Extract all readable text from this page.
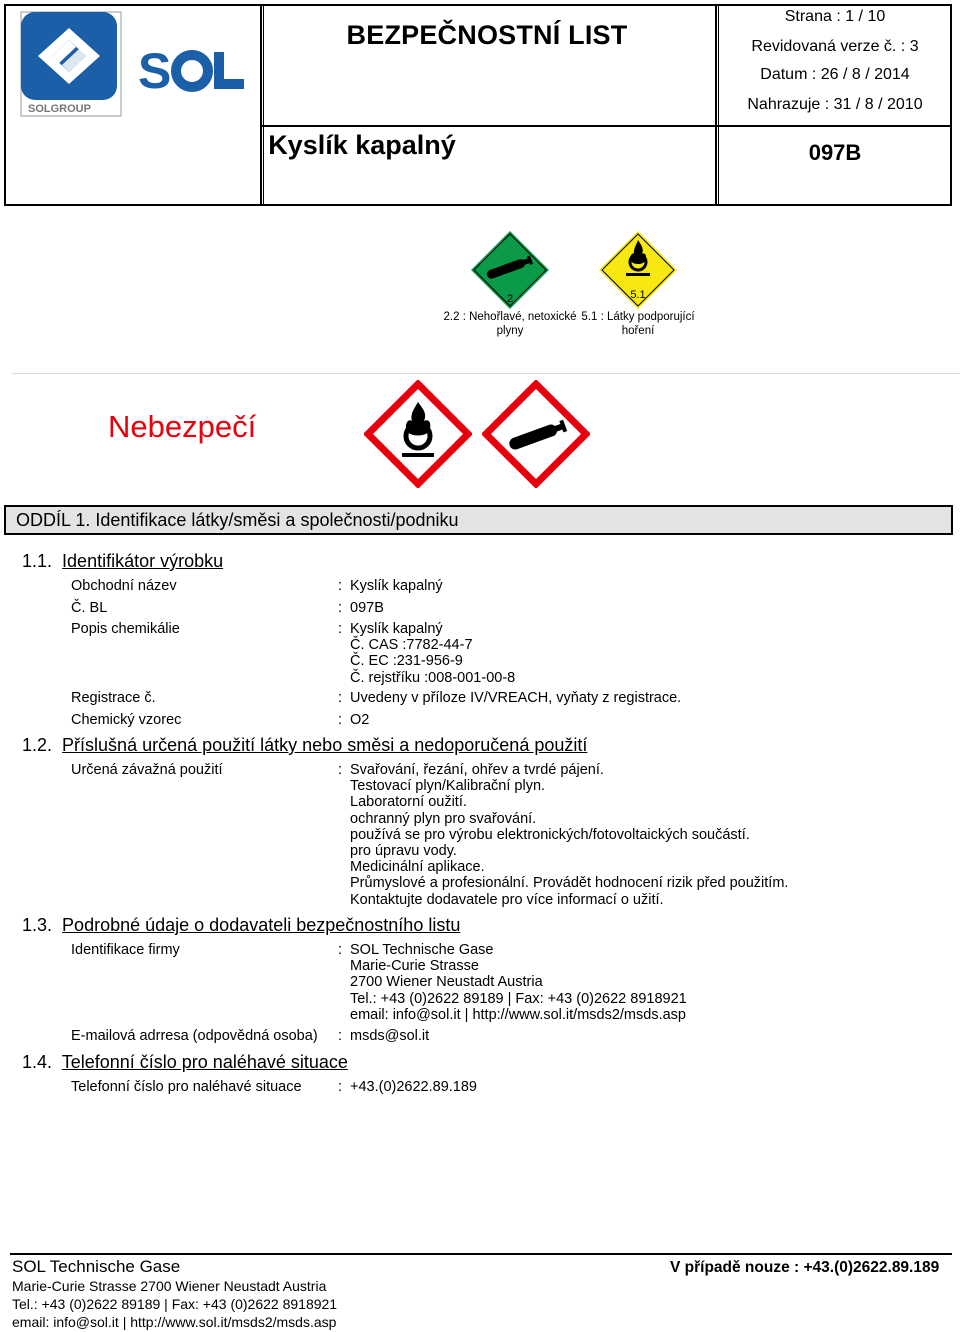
S
SOLGROUP
BEZPEČNOSTNÍ LIST
Kyslík kapalný
Strana : 1 / 10
Revidovaná verze č. : 3
Datum : 26 / 8 / 2014
Nahrazuje : 31 / 8 / 2010
097B
2
2.2 : Nehořlavé, netoxické
plyny
5.1
5.1 : Látky podporující
hoření
Nebezpečí
ODDÍL 1. Identifikace látky/směsi a společnosti/podniku
1.1. Identifikátor výrobku
Obchodní název	: Kyslík kapalný
Č. BL	: 097B
Popis chemikálie	: Kyslík kapalný
Č. CAS :7782-44-7
Č. EC :231-956-9
Č. rejstříku :008-001-00-8
Registrace č.	: Uvedeny v příloze IV/VREACH, vyňaty z registrace.
Chemický vzorec	: O2
1.2. Příslušná určená použití látky nebo směsi a nedoporučená použití
Určená závažná použití	: Svařování, řezání, ohřev a tvrdé pájení.
Testovací plyn/Kalibrační plyn.
Laboratorní oužití.
ochranný plyn pro svařování.
používá se pro výrobu elektronických/fotovoltaických součástí.
pro úpravu vody.
Medicinální aplikace.
Průmyslové a profesionální. Provádět hodnocení rizik před použitím.
Kontaktujte dodavatele pro více informací o užití.
1.3. Podrobné údaje o dodavateli bezpečnostního listu
Identifikace firmy	: SOL Technische Gase
Marie-Curie Strasse
2700 Wiener Neustadt Austria
Tel.: +43 (0)2622 89189 | Fax: +43 (0)2622 8918921
email: info@sol.it | http://www.sol.it/msds2/msds.asp
E-mailová adrresa (odpovědná osoba) : msds@sol.it
1.4. Telefonní číslo pro naléhavé situace
Telefonní číslo pro naléhavé situace	: +43.(0)2622.89.189
SOL Technische Gase
Marie-Curie Strasse 2700 Wiener Neustadt Austria
Tel.: +43 (0)2622 89189 | Fax: +43 (0)2622 8918921
email: info@sol.it | http://www.sol.it/msds2/msds.asp
V případě nouze : +43.(0)2622.89.189
